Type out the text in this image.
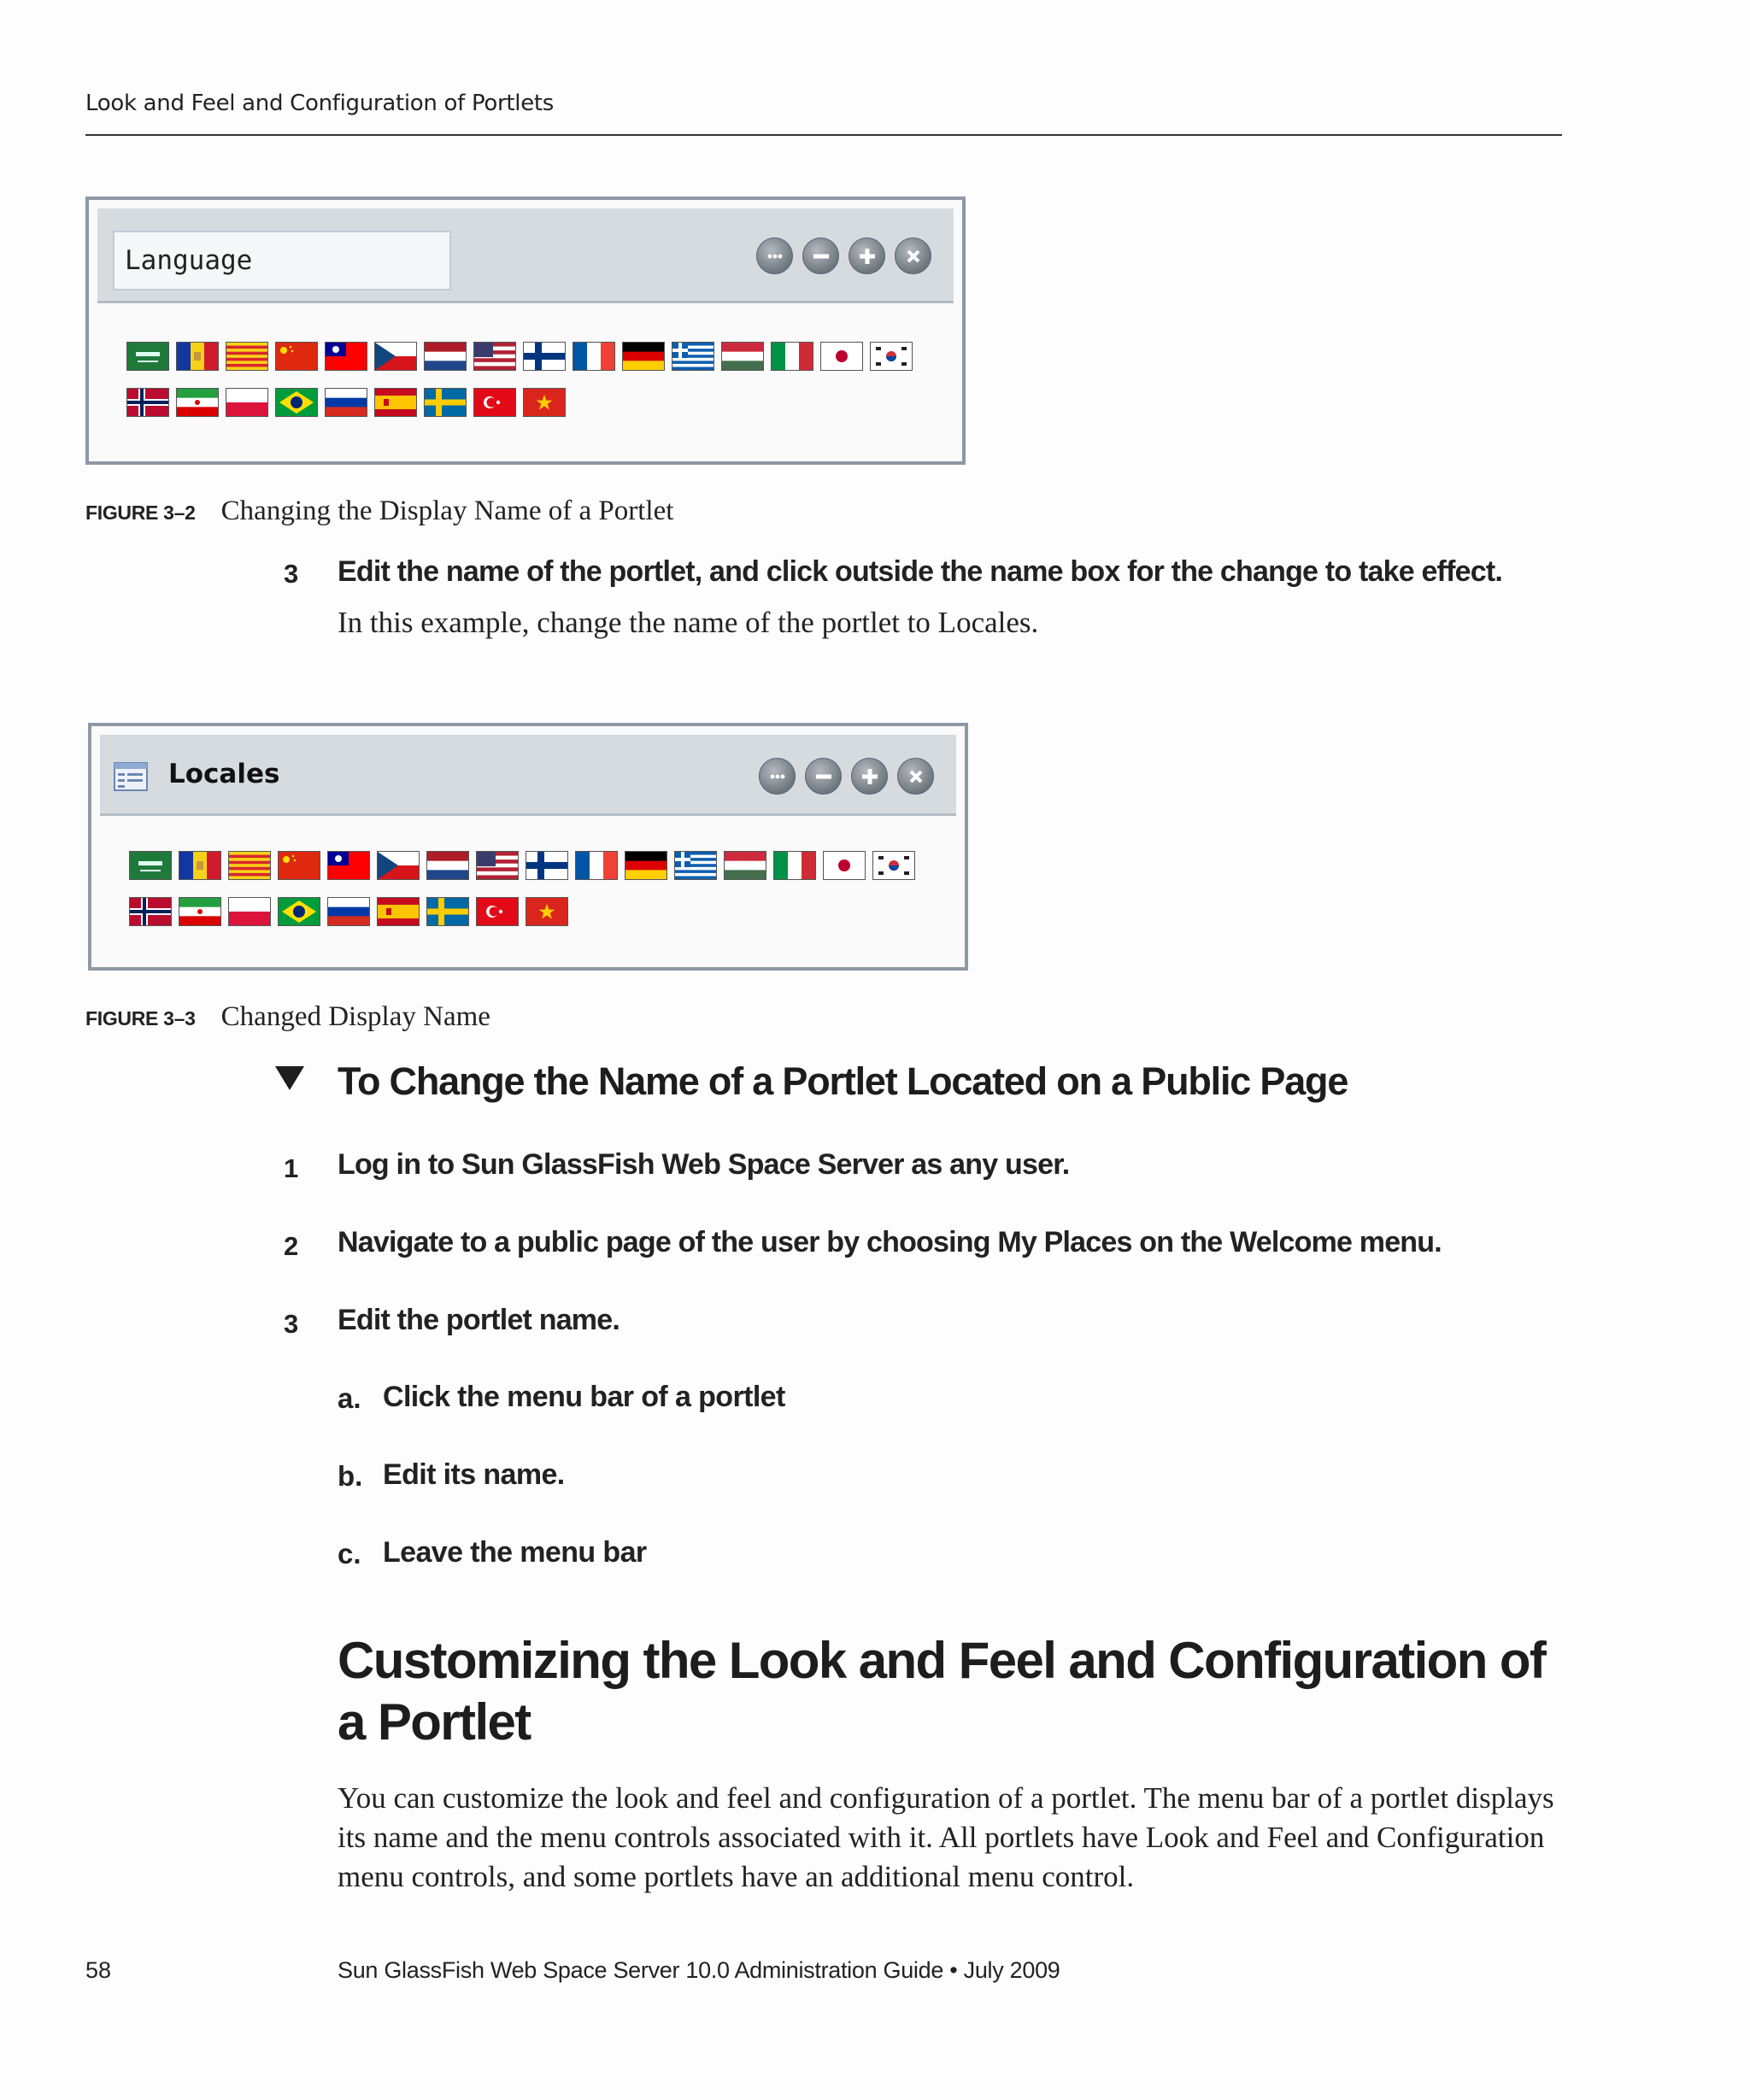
Look and Feel and Configuration of Portlets
Language
FIGURE 3–2 Changing the Display Name of a Portlet
3 Edit the name of the portlet, and click outside the name box for the change to take effect.
In this example, change the name of the portlet to Locales.
Locales
FIGURE 3–3 Changed Display Name
To Change the Name of a Portlet Located on a Public Page
1 Log in to Sun GlassFish Web Space Server as any user.
2 Navigate to a public page of the user by choosing My Places on the Welcome menu.
3 Edit the portlet name.
a. Click the menu bar of a portlet
b. Edit its name.
c. Leave the menu bar
Customizing the Look and Feel and Configuration of a Portlet
You can customize the look and feel and configuration of a portlet. The menu bar of a portlet displays its name and the menu controls associated with it. All portlets have Look and Feel and Configuration menu controls, and some portlets have an additional menu control.
58	Sun GlassFish Web Space Server 10.0 Administration Guide • July 2009
